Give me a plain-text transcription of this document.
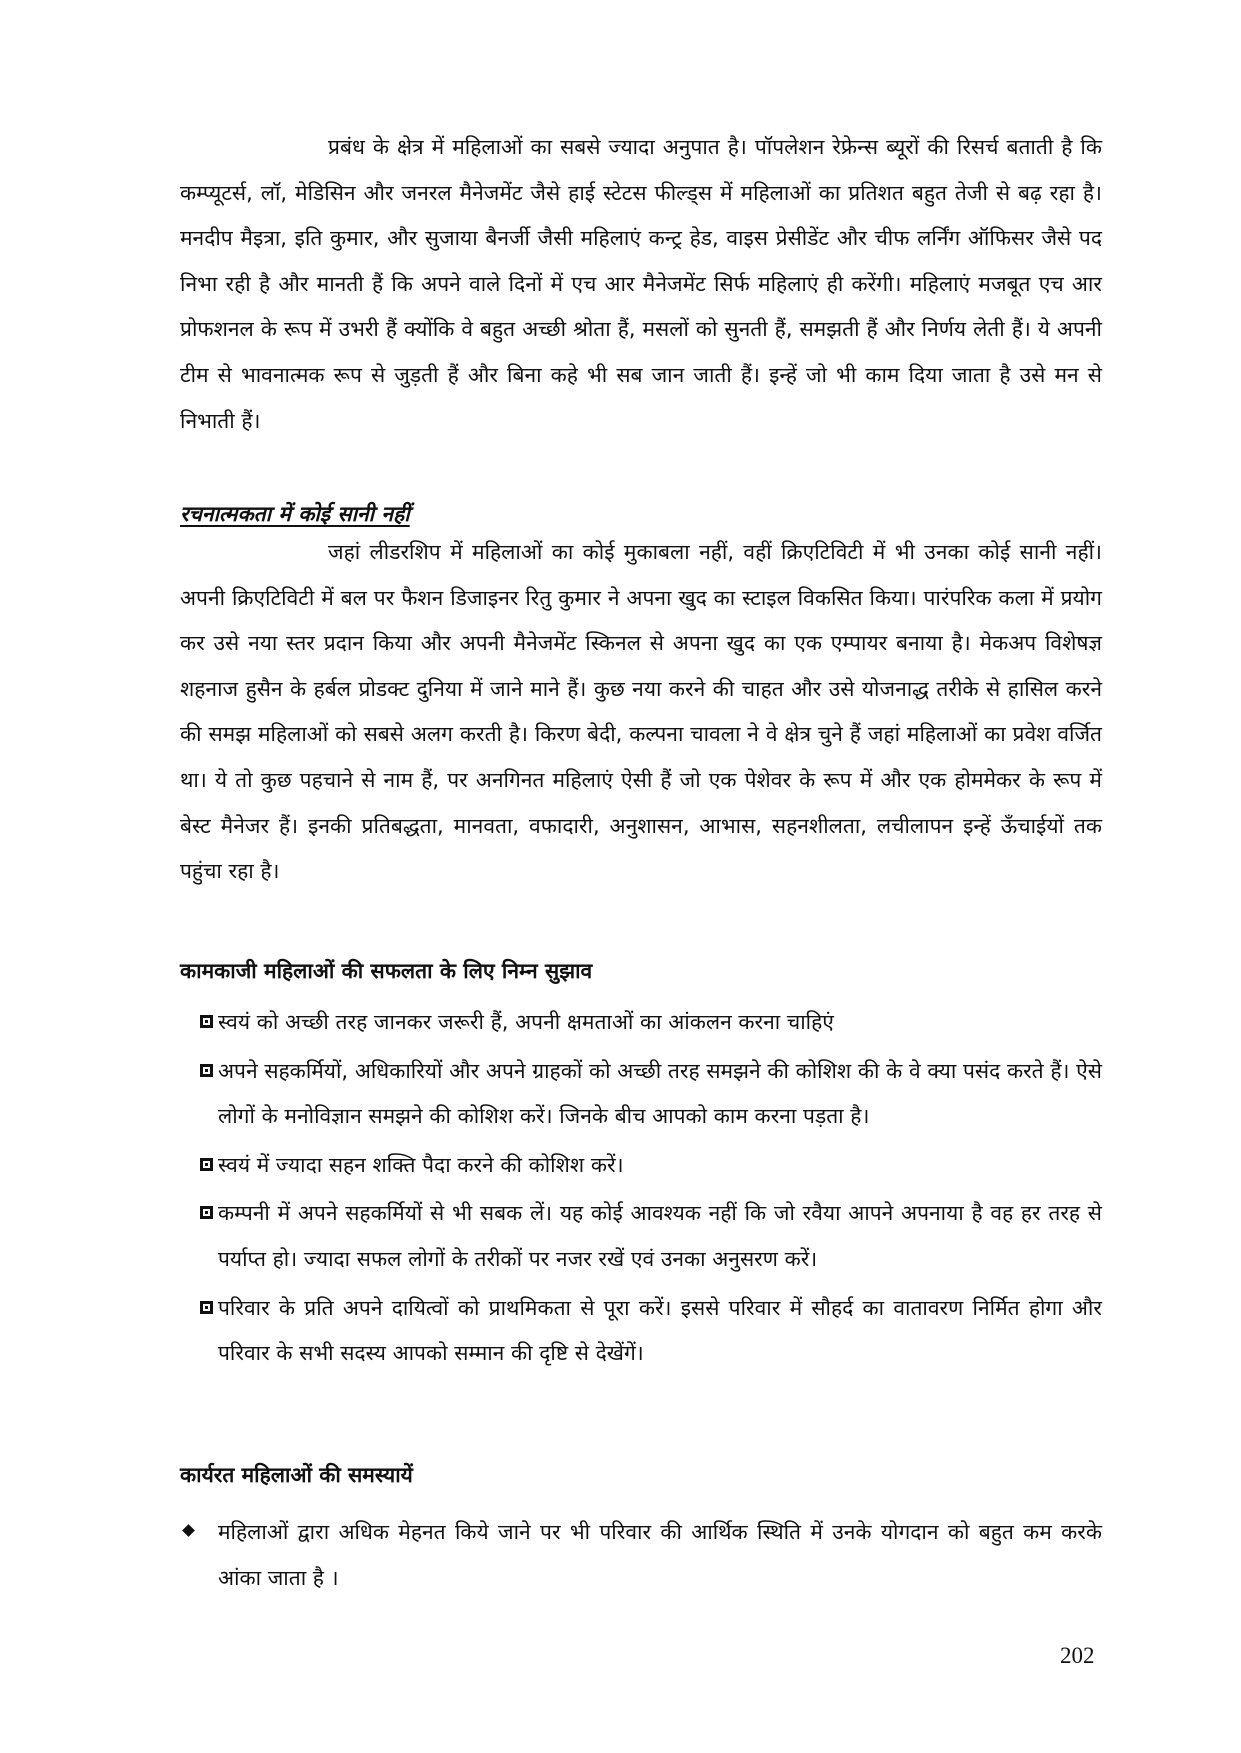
प्रबंध के क्षेत्र में महिलाओं का सबसे ज्यादा अनुपात है। पॉपलेशन रेफ्रेन्स ब्यूरों की रिसर्च बताती है कि कम्प्यूटर्स, लॉ, मेडिसिन और जनरल मैनेजमेंट जैसे हाई स्टेटस फील्ड्स में महिलाओं का प्रतिशत बहुत तेजी से बढ़ रहा है। मनदीप मैइत्रा, इति कुमार, और सुजाया बैनर्जी जैसी महिलाएं कन्ट्र हेड, वाइस प्रेसीडेंट और चीफ लर्निंग ऑफिसर जैसे पद निभा रही है और मानती हैं कि अपने वाले दिनों में एच आर मैनेजमेंट सिर्फ महिलाएं ही करेंगी। महिलाएं मजबूत एच आर प्रोफशनल के रूप में उभरी हैं क्योंकि वे बहुत अच्छी श्रोता हैं, मसलों को सुनती हैं, समझती हैं और निर्णय लेती हैं। ये अपनी टीम से भावनात्मक रूप से जुड़ती हैं और बिना कहे भी सब जान जाती हैं। इन्हें जो भी काम दिया जाता है उसे मन से निभाती हैं।

रचनात्मकता में कोई सानी नहीं

जहां लीडरशिप में महिलाओं का कोई मुकाबला नहीं, वहीं क्रिएटिविटी में भी उनका कोई सानी नहीं। अपनी क्रिएटिविटी में बल पर फैशन डिजाइनर रितु कुमार ने अपना खुद का स्टाइल विकसित किया। पारंपरिक कला में प्रयोग कर उसे नया स्तर प्रदान किया और अपनी मैनेजमेंट स्किनल से अपना खुद का एक एम्पायर बनाया है। मेकअप विशेषज्ञ शहनाज हुसैन के हर्बल प्रोडक्ट दुनिया में जाने माने हैं। कुछ नया करने की चाहत और उसे योजनाद्ध तरीके से हासिल करने की समझ महिलाओं को सबसे अलग करती है। किरण बेदी, कल्पना चावला ने वे क्षेत्र चुने हैं जहां महिलाओं का प्रवेश वर्जित था। ये तो कुछ पहचाने से नाम हैं, पर अनगिनत महिलाएं ऐसी हैं जो एक पेशेवर के रूप में और एक होममेकर के रूप में बेस्ट मैनेजर हैं। इनकी प्रतिबद्धता, मानवता, वफादारी, अनुशासन, आभास, सहनशीलता, लचीलापन इन्हें ऊँचाईयों तक पहुंचा रहा है।

कामकाजी महिलाओं की सफलता के लिए निम्न सुझाव
स्वयं को अच्छी तरह जानकर जरूरी हैं, अपनी क्षमताओं का आंकलन करना चाहिएं
अपने सहकर्मियों, अधिकारियों और अपने ग्राहकों को अच्छी तरह समझने की कोशिश की के वे क्या पसंद करते हैं। ऐसे लोगों के मनोविज्ञान समझने की कोशिश करें। जिनके बीच आपको काम करना पड़ता है।
स्वयं में ज्यादा सहन शक्ति पैदा करने की कोशिश करें।
कम्पनी में अपने सहकर्मियों से भी सबक लें। यह कोई आवश्यक नहीं कि जो रवैया आपने अपनाया है वह हर तरह से पर्याप्त हो। ज्यादा सफल लोगों के तरीकों पर नजर रखें एवं उनका अनुसरण करें।
परिवार के प्रति अपने दायित्वों को प्राथमिकता से पूरा करें। इससे परिवार में सौहर्द का वातावरण निर्मित होगा और परिवार के सभी सदस्य आपको सम्मान की दृष्टि से देखेंगें।
कार्यरत महिलाओं की समस्यायें
महिलाओं द्वारा अधिक मेहनत किये जाने पर भी परिवार की आर्थिक स्थिति में उनके योगदान को बहुत कम करके आंका जाता है ।

202
